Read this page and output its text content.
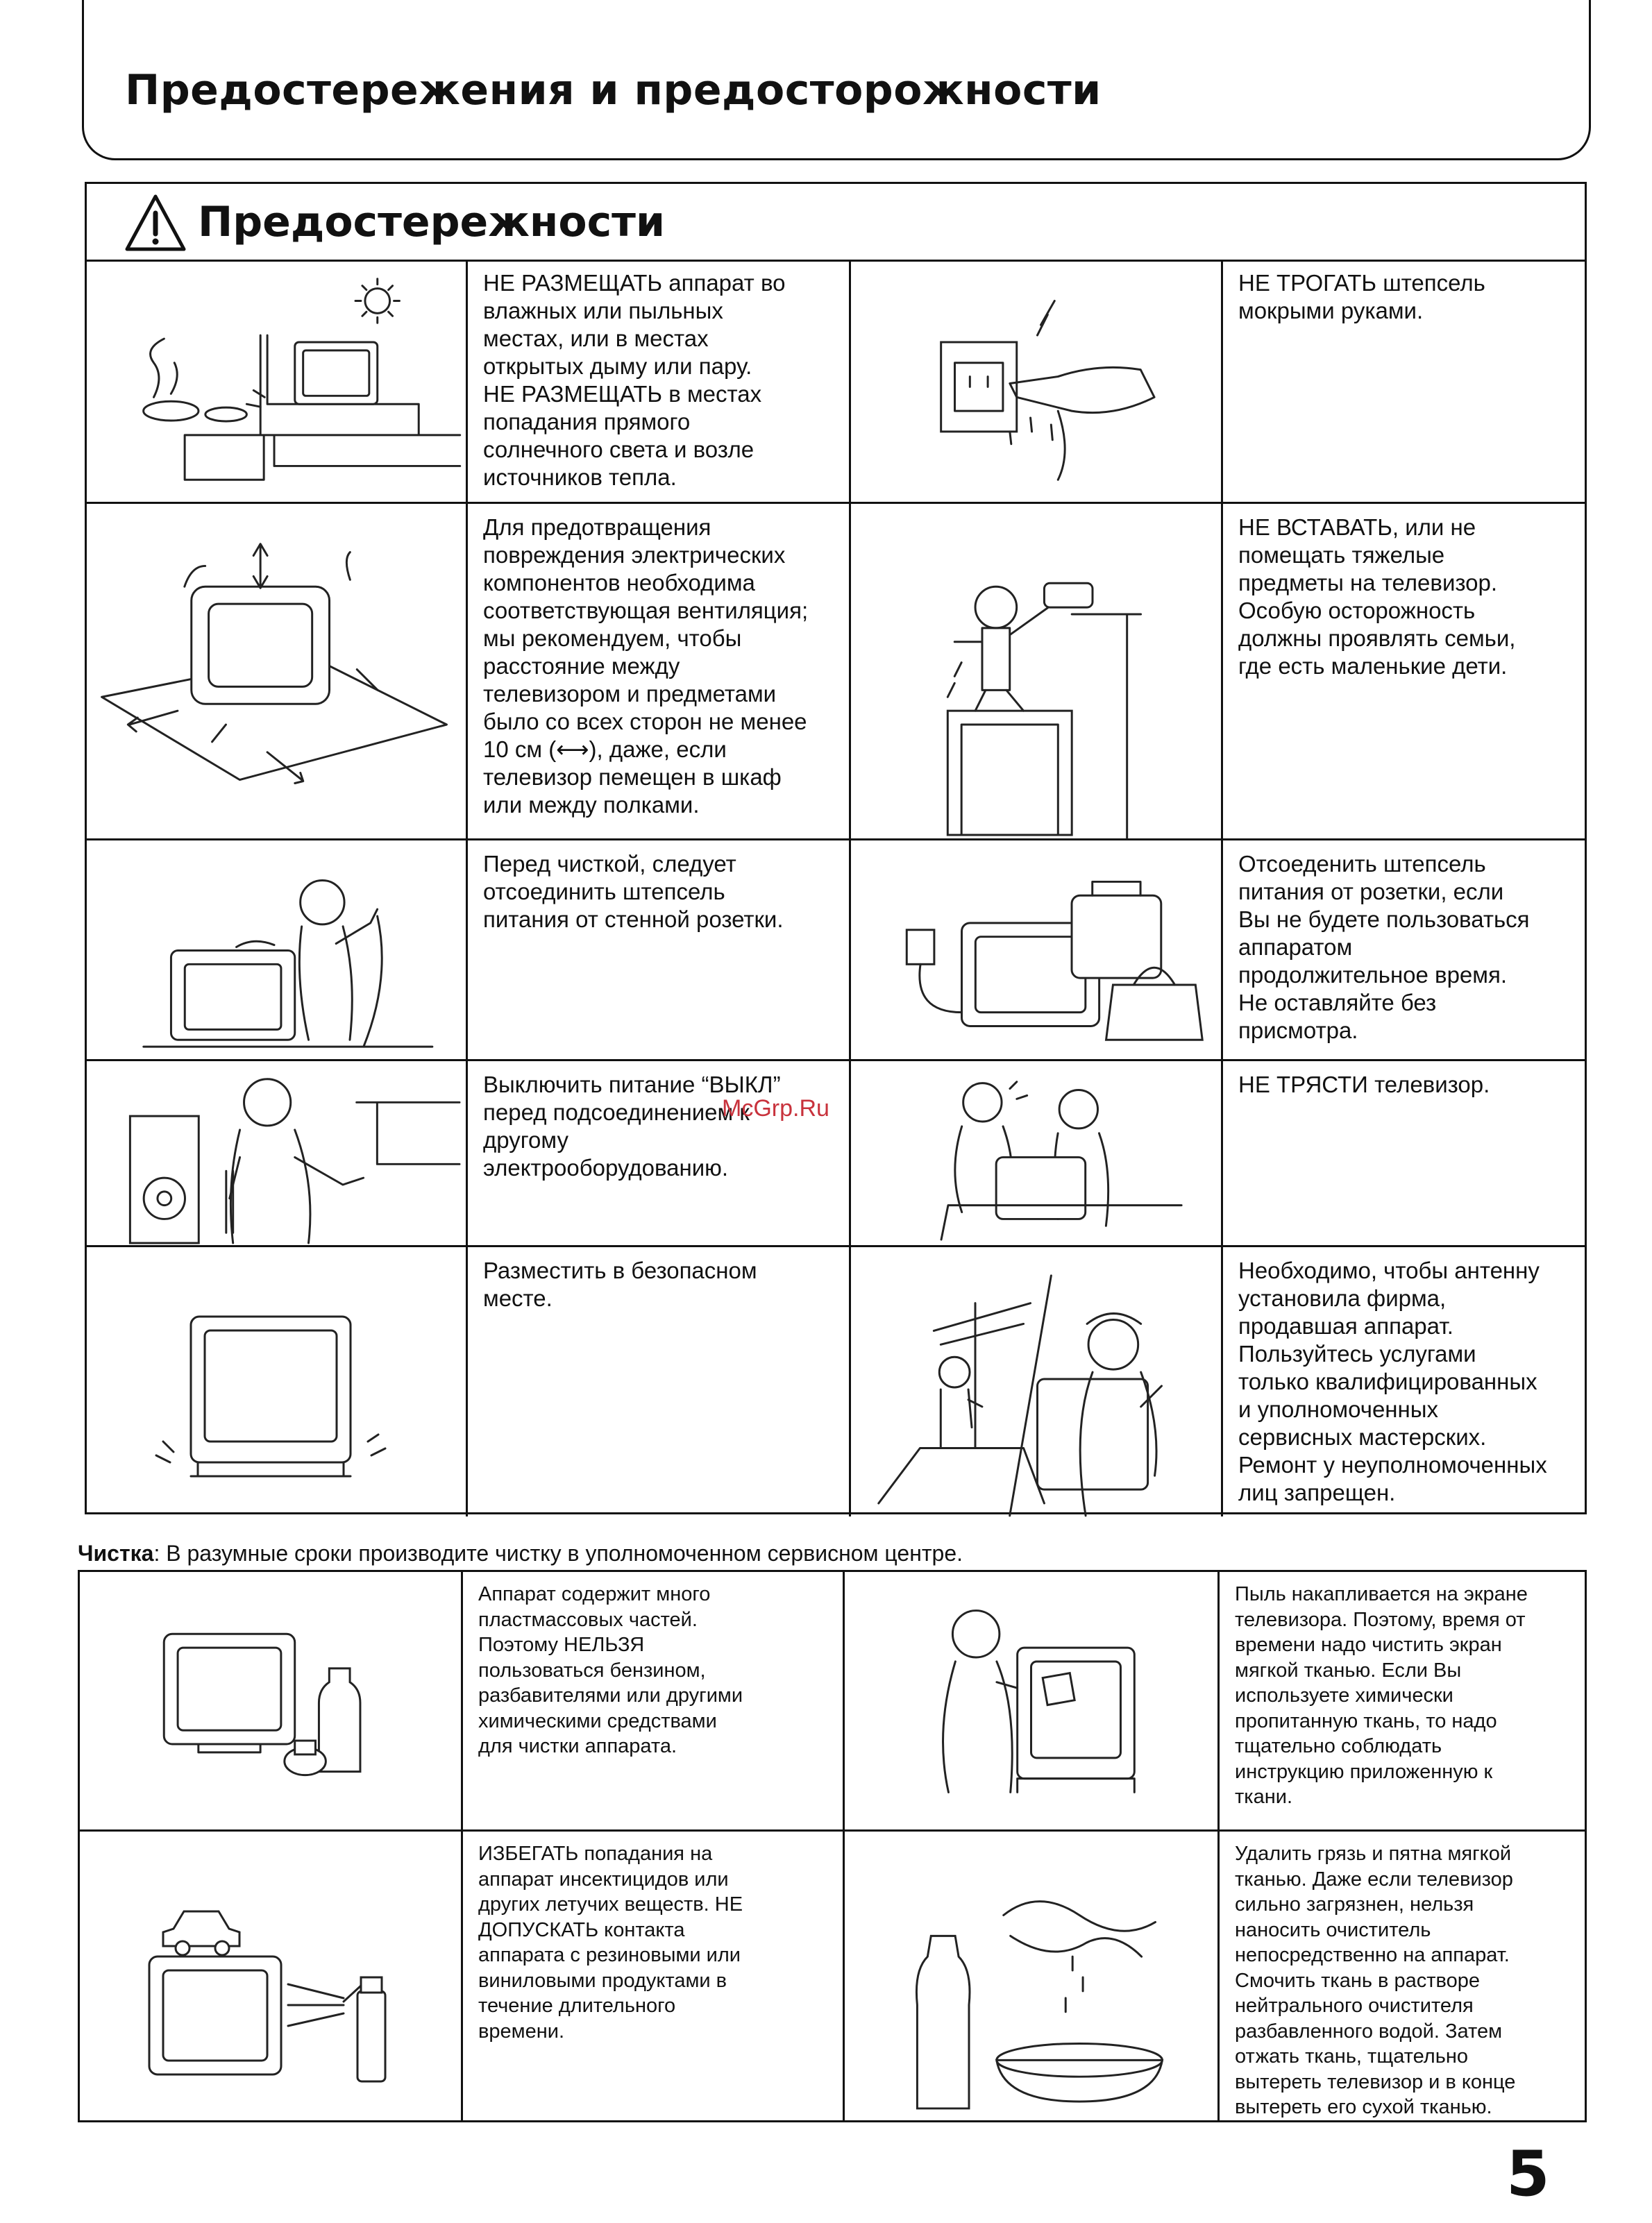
Предостережения и предосторожности
Предостережности
НЕ РАЗМЕЩАТЬ аппарат во
влажных или пыльных
местах, или в местах
открытых дыму или пару.
НЕ РАЗМЕЩАТЬ в местах
попадания прямого
солнечного света и возле
источников тепла.
НЕ ТРОГАТЬ штепсель
мокрыми руками.
Для предотвращения
повреждения электрических
компонентов необходима
соответствующая вентиляция;
мы рекомендуем, чтобы
расстояние между
телевизором и предметами
было со всех сторон не менее
10 см (⟷), даже, если
телевизор пемещен в шкаф
или между полками.
НЕ ВСТАВАТЬ, или не
помещать тяжелые
предметы на телевизор.
Особую осторожность
должны проявлять семьи,
где есть маленькие дети.
Перед чисткой, следует
отсоединить штепсель
питания от стенной розетки.
Отсоеденить штепсель
питания от розетки, если
Вы не будете пользоваться
аппаратом
продолжительное время.
Не оставляйте без
присмотра.
Выключить питание “ВЫКЛ”
перед подсоединением к
другому
электрооборудованию.
НЕ ТРЯСТИ телевизор.
Разместить в безопасном
месте.
Необходимо, чтобы антенну
установила фирма,
продавшая аппарат.
Пользуйтесь услугами
только квалифицированных
и уполномоченных
сервисных мастерских.
Ремонт у неуполномоченных
лиц запрещен.
McGrp.Ru
Чистка: В разумные сроки производите чистку в уполномоченном сервисном центре.
Аппарат содержит много
пластмассовых частей.
Поэтому НЕЛЬЗЯ
пользоваться бензином,
разбавителями или другими
химическими средствами
для чистки аппарата.
Пыль накапливается на экране
телевизора. Поэтому, время от
времени надо чистить экран
мягкой тканью. Если Вы
используете химически
пропитанную ткань, то надо
тщательно соблюдать
инструкцию приложенную к
ткани.
ИЗБЕГАТЬ попадания на
аппарат инсектицидов или
других летучих веществ. НЕ
ДОПУСКАТЬ контакта
аппарата с резиновыми или
виниловыми продуктами в
течение длительного
времени.
Удалить грязь и пятна мягкой
тканью. Даже если телевизор
сильно загрязнен, нельзя
наносить очиститель
непосредственно на аппарат.
Смочить ткань в растворе
нейтрального очистителя
разбавленного водой. Затем
отжать ткань, тщательно
вытереть телевизор и в конце
вытереть его сухой тканью.
5
